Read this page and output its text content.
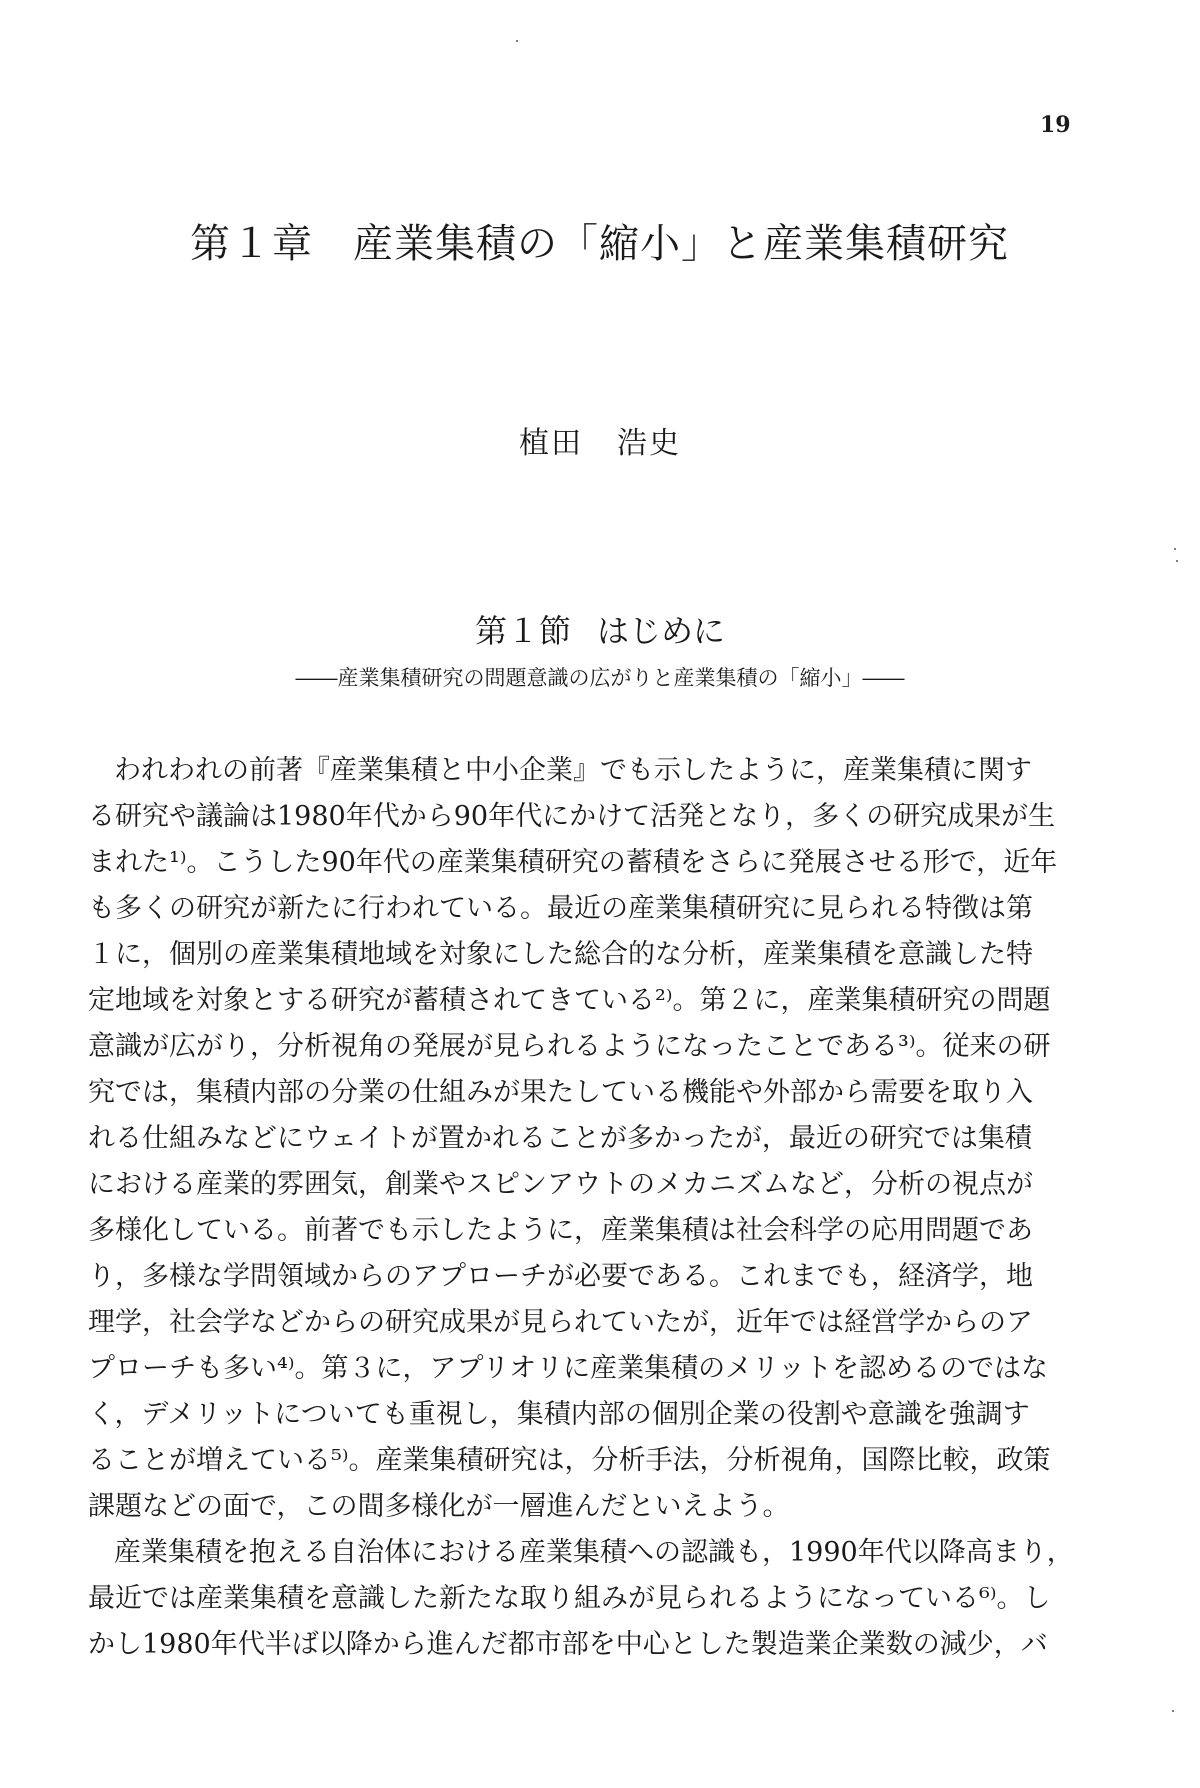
19
第１章 産業集積の「縮小」と産業集積研究
植田 浩史
第１節 はじめに
――産業集積研究の問題意識の広がりと産業集積の「縮小」――
われわれの前著『産業集積と中小企業』でも示したように，産業集積に関す
る研究や議論は1980年代から90年代にかけて活発となり，多くの研究成果が生
まれた¹⁾。こうした90年代の産業集積研究の蓄積をさらに発展させる形で，近年
も多くの研究が新たに行われている。最近の産業集積研究に見られる特徴は第
１に，個別の産業集積地域を対象にした総合的な分析，産業集積を意識した特
定地域を対象とする研究が蓄積されてきている²⁾。第２に，産業集積研究の問題
意識が広がり，分析視角の発展が見られるようになったことである³⁾。従来の研
究では，集積内部の分業の仕組みが果たしている機能や外部から需要を取り入
れる仕組みなどにウェイトが置かれることが多かったが，最近の研究では集積
における産業的雰囲気，創業やスピンアウトのメカニズムなど，分析の視点が
多様化している。前著でも示したように，産業集積は社会科学の応用問題であ
り，多様な学問領域からのアプローチが必要である。これまでも，経済学，地
理学，社会学などからの研究成果が見られていたが，近年では経営学からのア
プローチも多い⁴⁾。第３に，アプリオリに産業集積のメリットを認めるのではな
く，デメリットについても重視し，集積内部の個別企業の役割や意識を強調す
ることが増えている⁵⁾。産業集積研究は，分析手法，分析視角，国際比較，政策
課題などの面で，この間多様化が一層進んだといえよう。
産業集積を抱える自治体における産業集積への認識も，1990年代以降高まり，
最近では産業集積を意識した新たな取り組みが見られるようになっている⁶⁾。し
かし1980年代半ば以降から進んだ都市部を中心とした製造業企業数の減少，バ
